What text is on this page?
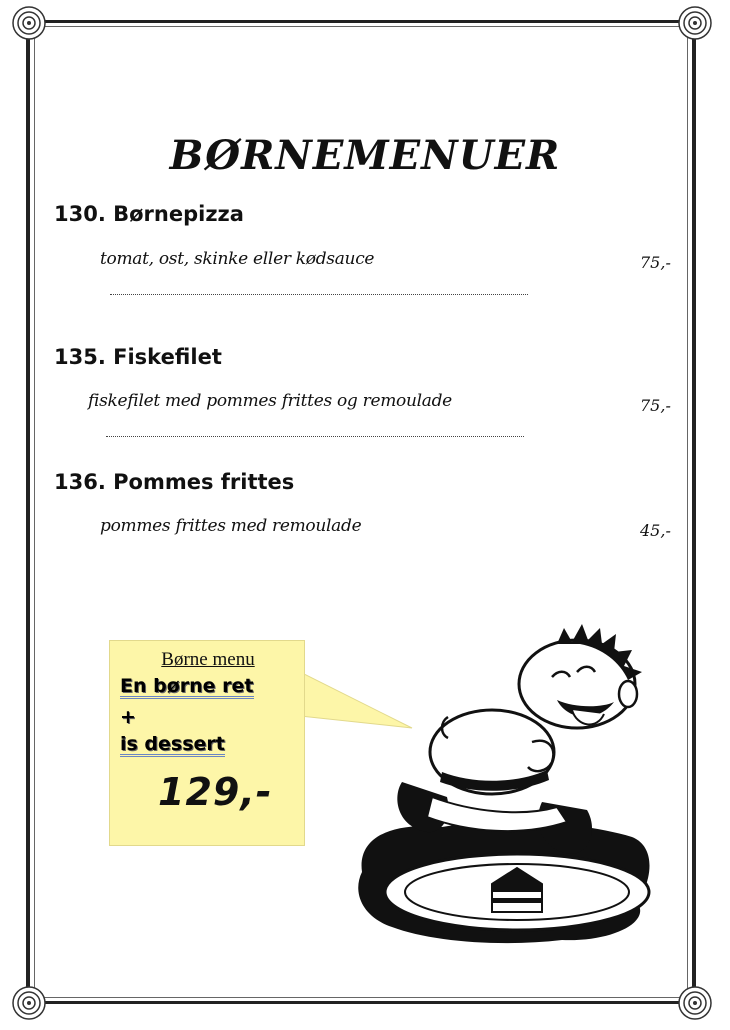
BØRNEMENUER
130. Børnepizza
tomat, ost, skinke eller kødsauce	75,-
135. Fiskefilet
fiskefilet med pommes frittes og remoulade	75,-
136. Pommes frittes
pommes frittes med remoulade	45,-
Børne menu
En børne ret
+
is dessert
129,-
